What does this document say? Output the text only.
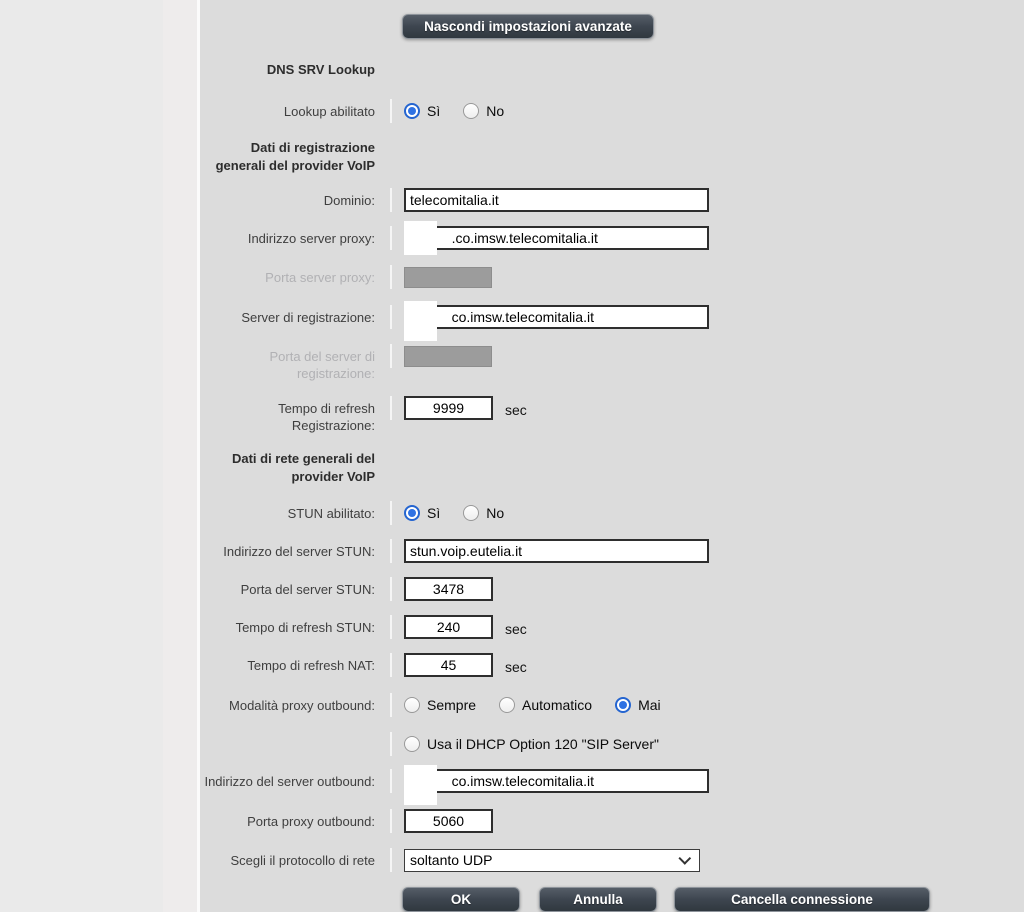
Nascondi impostazioni avanzate
DNS SRV Lookup
Lookup abilitato	Sì	No
Dati di registrazione generali del provider VoIP
Dominio:
telecomitalia.it
Indirizzo server proxy:	.co.imsw.telecomitalia.it
Porta server proxy:
Server di registrazione:	co.imsw.telecomitalia.it
Porta del server di registrazione:
Tempo di refresh Registrazione:
9999
sec
Dati di rete generali del provider VoIP
STUN abilitato:	Sì	No
Indirizzo del server STUN:
stun.voip.eutelia.it
Porta del server STUN:
3478
Tempo di refresh STUN:
240	sec
Tempo di refresh NAT:
45	sec
Modalità proxy outbound:	Sempre	Automatico	Mai
Usa il DHCP Option 120 "SIP Server"
Indirizzo del server outbound:	co.imsw.telecomitalia.it
Porta proxy outbound:
5060
Scegli il protocollo di rete	soltanto UDP
OK	Annulla	Cancella connessione
